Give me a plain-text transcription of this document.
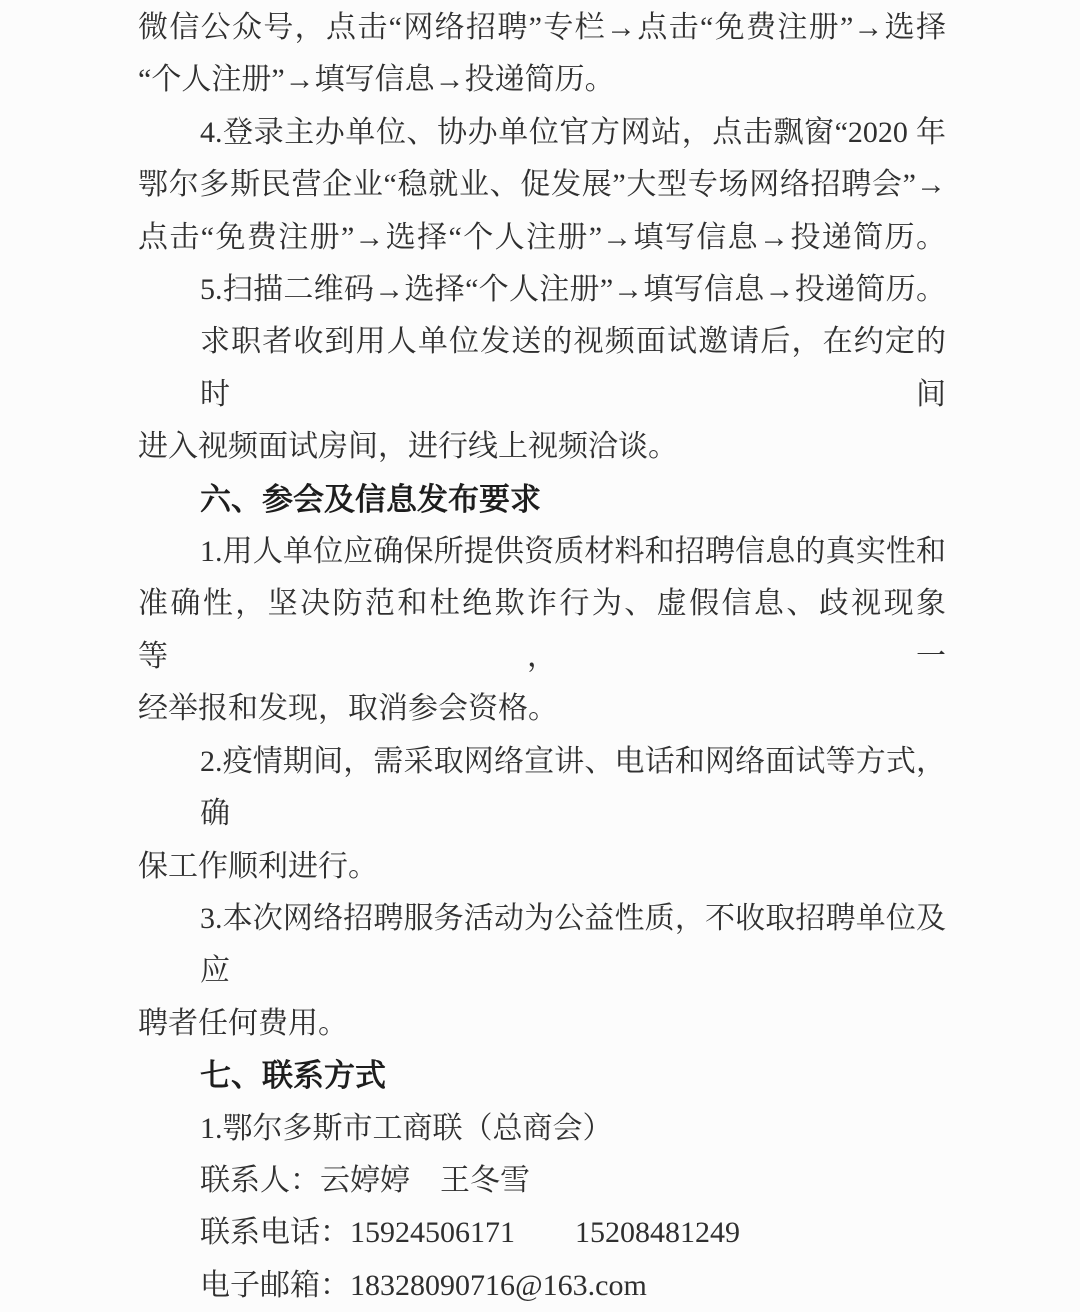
微信公众号，点击“网络招聘”专栏→点击“免费注册”→选择

“个人注册”→填写信息→投递简历。

4.登录主办单位、协办单位官方网站，点击飘窗“2020 年

鄂尔多斯民营企业“稳就业、促发展”大型专场网络招聘会”→

点击“免费注册”→选择“个人注册”→填写信息→投递简历。

5.扫描二维码→选择“个人注册”→填写信息→投递简历。

求职者收到用人单位发送的视频面试邀请后，在约定的时间

进入视频面试房间，进行线上视频洽谈。

六、参会及信息发布要求

1.用人单位应确保所提供资质材料和招聘信息的真实性和

准确性，坚决防范和杜绝欺诈行为、虚假信息、歧视现象等，一

经举报和发现，取消参会资格。

2.疫情期间，需采取网络宣讲、电话和网络面试等方式，确

保工作顺利进行。

3.本次网络招聘服务活动为公益性质，不收取招聘单位及应

聘者任何费用。

七、联系方式

1.鄂尔多斯市工商联（总商会）

联系人：云婷婷　王冬雪

联系电话：15924506171　　15208481249

电子邮箱：18328090716@163.com
